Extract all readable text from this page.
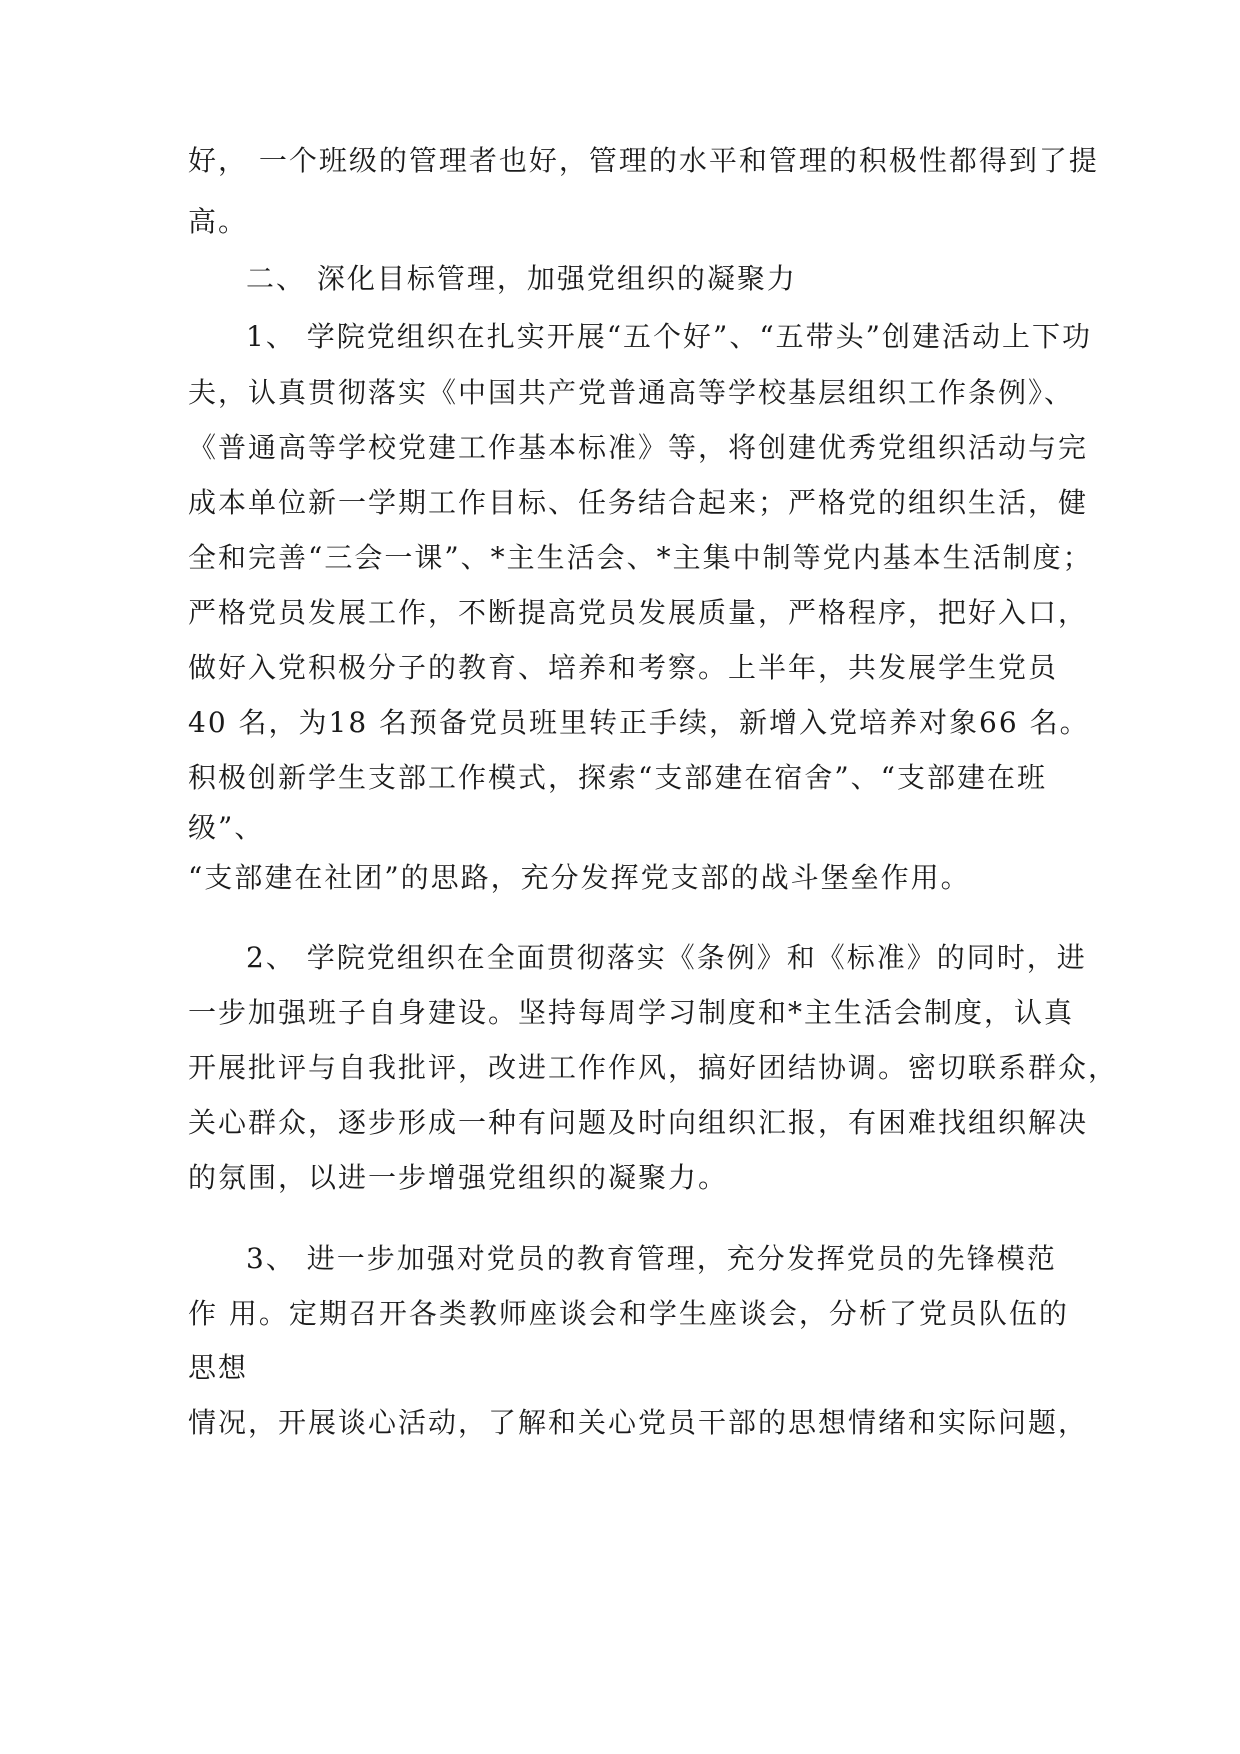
好， 一个班级的管理者也好，管理的水平和管理的积极性都得到了提
高。
二、 深化目标管理，加强党组织的凝聚力
1、 学院党组织在扎实开展“五个好”、“五带头”创建活动上下功
夫，认真贯彻落实《中国共产党普通高等学校基层组织工作条例》、
《普通高等学校党建工作基本标准》等，将创建优秀党组织活动与完
成本单位新一学期工作目标、任务结合起来；严格党的组织生活，健
全和完善“三会一课”、*主生活会、*主集中制等党内基本生活制度；
严格党员发展工作，不断提高党员发展质量，严格程序，把好入口，
做好入党积极分子的教育、培养和考察。上半年，共发展学生党员
40 名，为18 名预备党员班里转正手续，新增入党培养对象66 名。
积极创新学生支部工作模式，探索“支部建在宿舍”、“支部建在班
级”、
“支部建在社团”的思路，充分发挥党支部的战斗堡垒作用。
2、 学院党组织在全面贯彻落实《条例》和《标准》的同时，进
一步加强班子自身建设。坚持每周学习制度和*主生活会制度，认真
开展批评与自我批评，改进工作作风，搞好团结协调。密切联系群众，
关心群众，逐步形成一种有问题及时向组织汇报，有困难找组织解决
的氛围，以进一步增强党组织的凝聚力。
3、 进一步加强对党员的教育管理，充分发挥党员的先锋模范
作 用。定期召开各类教师座谈会和学生座谈会，分析了党员队伍的
思想
情况，开展谈心活动，了解和关心党员干部的思想情绪和实际问题，
